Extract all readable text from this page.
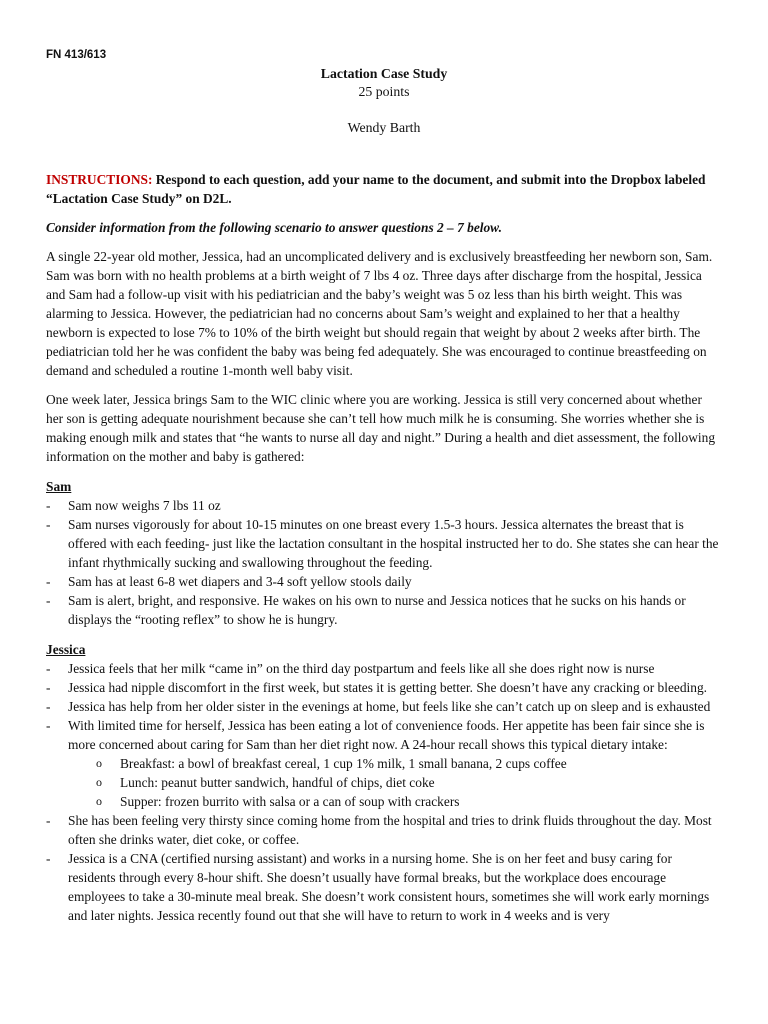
FN 413/613
Lactation Case Study
25 points
Wendy Barth

INSTRUCTIONS: Respond to each question, add your name to the document, and submit into the Dropbox labeled “Lactation Case Study” on D2L.

Consider information from the following scenario to answer questions 2 – 7 below.

A single 22-year old mother, Jessica, had an uncomplicated delivery and is exclusively breastfeeding her newborn son, Sam. Sam was born with no health problems at a birth weight of 7 lbs 4 oz. Three days after discharge from the hospital, Jessica and Sam had a follow-up visit with his pediatrician and the baby’s weight was 5 oz less than his birth weight. This was alarming to Jessica. However, the pediatrician had no concerns about Sam’s weight and explained to her that a healthy newborn is expected to lose 7% to 10% of the birth weight but should regain that weight by about 2 weeks after birth. The pediatrician told her he was confident the baby was being fed adequately. She was encouraged to continue breastfeeding on demand and scheduled a routine 1-month well baby visit.

One week later, Jessica brings Sam to the WIC clinic where you are working. Jessica is still very concerned about whether her son is getting adequate nourishment because she can’t tell how much milk he is consuming. She worries whether she is making enough milk and states that “he wants to nurse all day and night.” During a health and diet assessment, the following information on the mother and baby is gathered:

Sam

- Sam now weighs 7 lbs 11 oz
- Sam nurses vigorously for about 10-15 minutes on one breast every 1.5-3 hours. Jessica alternates the breast that is offered with each feeding- just like the lactation consultant in the hospital instructed her to do. She states she can hear the infant rhythmically sucking and swallowing throughout the feeding.
- Sam has at least 6-8 wet diapers and 3-4 soft yellow stools daily
- Sam is alert, bright, and responsive. He wakes on his own to nurse and Jessica notices that he sucks on his hands or displays the “rooting reflex” to show he is hungry.

Jessica

- Jessica feels that her milk “came in” on the third day postpartum and feels like all she does right now is nurse
- Jessica had nipple discomfort in the first week, but states it is getting better. She doesn’t have any cracking or bleeding.
- Jessica has help from her older sister in the evenings at home, but feels like she can’t catch up on sleep and is exhausted
- With limited time for herself, Jessica has been eating a lot of convenience foods. Her appetite has been fair since she is more concerned about caring for Sam than her diet right now. A 24-hour recall shows this typical dietary intake:
o Breakfast: a bowl of breakfast cereal, 1 cup 1% milk, 1 small banana, 2 cups coffee
o Lunch: peanut butter sandwich, handful of chips, diet coke
o Supper: frozen burrito with salsa or a can of soup with crackers
- She has been feeling very thirsty since coming home from the hospital and tries to drink fluids throughout the day. Most often she drinks water, diet coke, or coffee.
- Jessica is a CNA (certified nursing assistant) and works in a nursing home. She is on her feet and busy caring for residents through every 8-hour shift. She doesn’t usually have formal breaks, but the workplace does encourage employees to take a 30-minute meal break. She doesn’t work consistent hours, sometimes she will work early mornings and later nights. Jessica recently found out that she will have to return to work in 4 weeks and is very
